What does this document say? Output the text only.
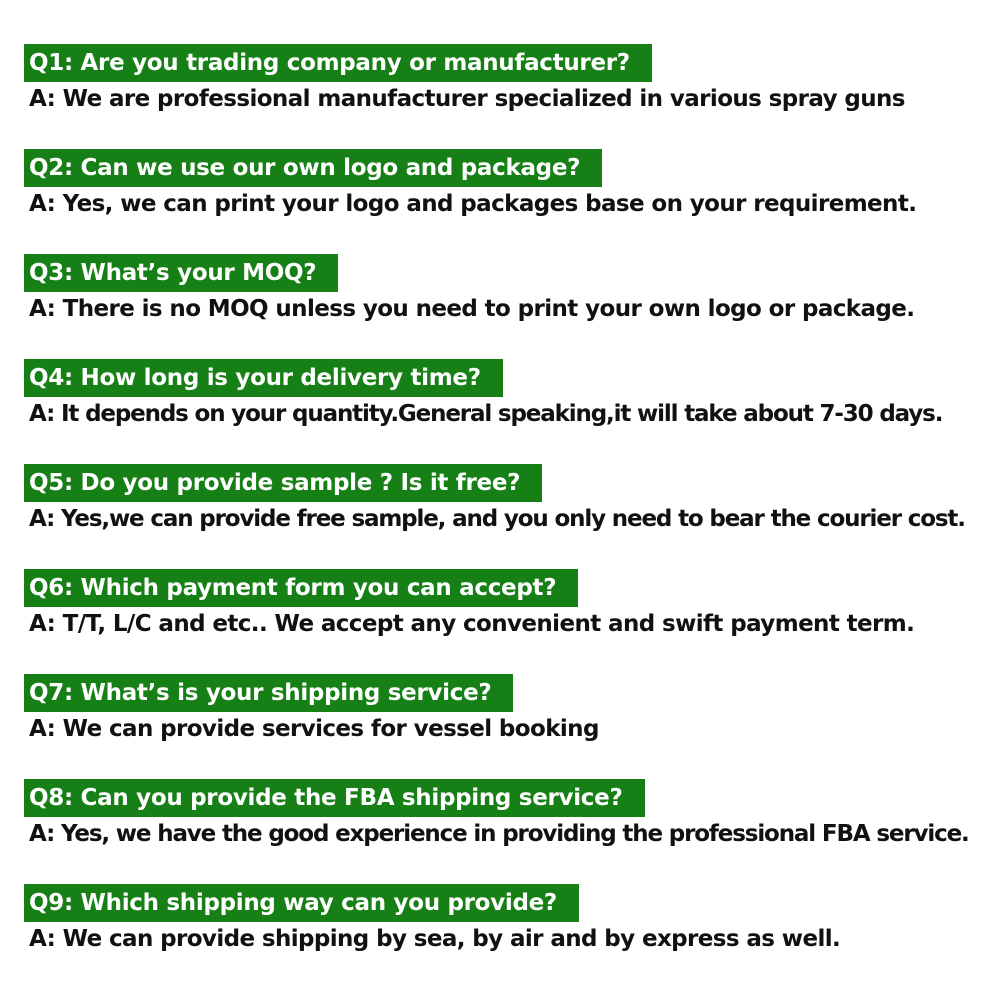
Q1: Are you trading company or manufacturer?
A: We are professional manufacturer specialized in various spray guns
Q2: Can we use our own logo and package?
A: Yes, we can print your logo and packages base on your requirement.
Q3: What’s your MOQ?
A: There is no MOQ unless you need to print your own logo or package.
Q4: How long is your delivery time?
A: It depends on your quantity.General speaking,it will take about 7-30 days.
Q5: Do you provide sample ? Is it free?
A: Yes,we can provide free sample, and you only need to bear the courier cost.
Q6: Which payment form you can accept?
A: T/T, L/C and etc.. We accept any convenient and swift payment term.
Q7: What’s is your shipping service?
A: We can provide services for vessel booking
Q8: Can you provide the FBA shipping service?
A: Yes, we have the good experience in providing the professional FBA service.
Q9: Which shipping way can you provide?
A: We can provide shipping by sea, by air and by express as well.
